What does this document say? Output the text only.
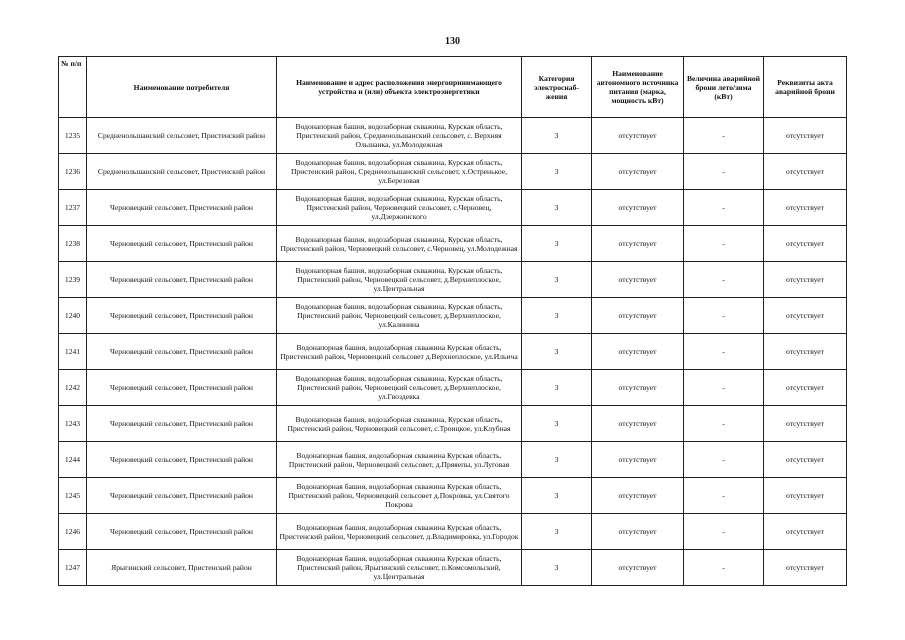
130
№ п/п	Наименование потребителя	Наименование и адрес расположения энергопринимающего устройства и (или) объекта электроэнергетики	Категория электроснаб-жения	Наименование автономного источника питания (марка, мощность кВт)	Величина аварийной брони лето/зима (кВт)	Реквизиты акта аварийной брони
1235	Средненольшанский сельсовет, Пристенский район	Водонапорная башня, водозаборная скважина, Курская область, Пристенский район, Средненольшанский сельсовет, с. Верхняя Ольшанка, ул.Молодежная	3	отсутствует	-	отсутствует
1236	Средненольшанский сельсовет, Пристенский район	Водонапорная башня, водозаборная скважина, Курская область, Пристенский район, Средненольшанский сельсовет, х.Остренькое, ул.Березовая	3	отсутствует	-	отсутствует
1237	Черновецкий сельсовет, Пристенский район	Водонапорная башня, водозаборная скважина, Курская область, Пристенский район, Черновецкий сельсовет, с.Черновец, ул.Дзержинского	3	отсутствует	-	отсутствует
1238	Черновецкий сельсовет, Пристенский район	Водонапорная башня, водозаборная скважина, Курская область, Пристенский район, Черновецкий сельсовет, с.Черновец, ул.Молодежная	3	отсутствует	-	отсутствует
1239	Черновецкий сельсовет, Пристенский район	Водонапорная башня, водозаборная скважина, Курская область, Пристенский район, Черновецкий сельсовет, д.Верхнеплоское, ул.Центральная	3	отсутствует	-	отсутствует
1240	Черновецкий сельсовет, Пристенский район	Водонапорная башня, водозаборная скважина, Курская область, Пристенский район, Черновецкий сельсовет, д.Верхнеплоское, ул.Калинина	3	отсутствует	-	отсутствует
1241	Черновецкий сельсовет, Пристенский район	Водонапорная башня, водозаборная скважина Курская область, Пристенский район, Черновецкий сельсовет д.Верхнеплоское, ул.Ильича	3	отсутствует	-	отсутствует
1242	Черновецкий сельсовет, Пристенский район	Водонапорная башня, водозаборная скважина, Курская область, Пристенский район, Черновецкий сельсовет, д.Верхнеплоское, ул.Гвоздевка	3	отсутствует	-	отсутствует
1243	Черновецкий сельсовет, Пристенский район	Водонапорная башня, водозаборная скважина, Курская область, Пристенский район, Черновецкий сельсовет, с.Троицкое, ул.Клубная	3	отсутствует	-	отсутствует
1244	Черновецкий сельсовет, Пристенский район	Водонапорная башня, водозаборная скважина Курская область, Пристенский район, Черновецкий сельсовет, д.Пряяепы, ул.Луговая	3	отсутствует	-	отсутствует
1245	Черновецкий сельсовет, Пристенский район	Водонапорная башня, водозаборная скважина Курская область, Пристенский район, Черновецкий сельсовет д.Покровка, ул.Святого Покрова	3	отсутствует	-	отсутствует
1246	Черновецкий сельсовет, Пристенский район	Водонапорная башня, водозаборная скважина Курская область, Пристенский район, Черновецкий сельсовет, д.Владимировка, ул.Городок	3	отсутствует	-	отсутствует
1247	Ярыгинский сельсовет, Пристенский район	Водонапорная башня, водозаборная скважина Курская область, Пристенский район, Ярыгинский сельсовет, п.Комсомольский, ул.Центральная	3	отсутствует	-	отсутствует
